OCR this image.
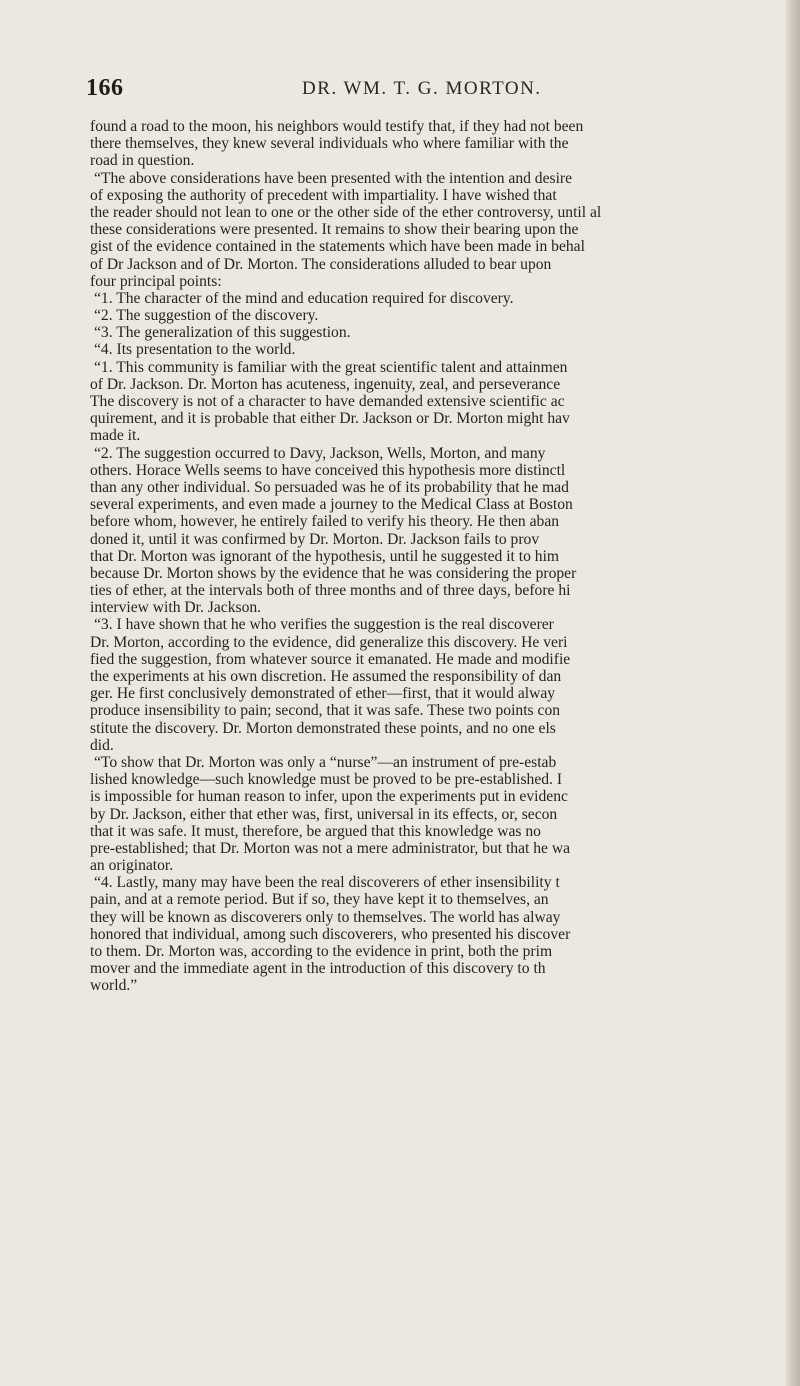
166	DR. WM. T. G. MORTON.
found a road to the moon, his neighbors would testify that, if they had not been
there themselves, they knew several individuals who where familiar with the
road in question.
“The above considerations have been presented with the intention and desire
of exposing the authority of precedent with impartiality. I have wished that
the reader should not lean to one or the other side of the ether controversy, until al
these considerations were presented. It remains to show their bearing upon the
gist of the evidence contained in the statements which have been made in behal
of Dr Jackson and of Dr. Morton. The considerations alluded to bear upon
four principal points:
“1. The character of the mind and education required for discovery.
“2. The suggestion of the discovery.
“3. The generalization of this suggestion.
“4. Its presentation to the world.
“1. This community is familiar with the great scientific talent and attainmen
of Dr. Jackson. Dr. Morton has acuteness, ingenuity, zeal, and perseverance
The discovery is not of a character to have demanded extensive scientific ac
quirement, and it is probable that either Dr. Jackson or Dr. Morton might hav
made it.
“2. The suggestion occurred to Davy, Jackson, Wells, Morton, and many
others. Horace Wells seems to have conceived this hypothesis more distinctl
than any other individual. So persuaded was he of its probability that he mad
several experiments, and even made a journey to the Medical Class at Boston
before whom, however, he entirely failed to verify his theory. He then aban
doned it, until it was confirmed by Dr. Morton. Dr. Jackson fails to prov
that Dr. Morton was ignorant of the hypothesis, until he suggested it to him
because Dr. Morton shows by the evidence that he was considering the proper
ties of ether, at the intervals both of three months and of three days, before hi
interview with Dr. Jackson.
“3. I have shown that he who verifies the suggestion is the real discoverer
Dr. Morton, according to the evidence, did generalize this discovery. He veri
fied the suggestion, from whatever source it emanated. He made and modifie
the experiments at his own discretion. He assumed the responsibility of dan
ger. He first conclusively demonstrated of ether—first, that it would alway
produce insensibility to pain; second, that it was safe. These two points con
stitute the discovery. Dr. Morton demonstrated these points, and no one els
did.
“To show that Dr. Morton was only a “nurse”—an instrument of pre-estab
lished knowledge—such knowledge must be proved to be pre-established. I
is impossible for human reason to infer, upon the experiments put in evidenc
by Dr. Jackson, either that ether was, first, universal in its effects, or, secon
that it was safe. It must, therefore, be argued that this knowledge was no
pre-established; that Dr. Morton was not a mere administrator, but that he wa
an originator.
“4. Lastly, many may have been the real discoverers of ether insensibility t
pain, and at a remote period. But if so, they have kept it to themselves, an
they will be known as discoverers only to themselves. The world has alway
honored that individual, among such discoverers, who presented his discover
to them. Dr. Morton was, according to the evidence in print, both the prim
mover and the immediate agent in the introduction of this discovery to th
world.”
